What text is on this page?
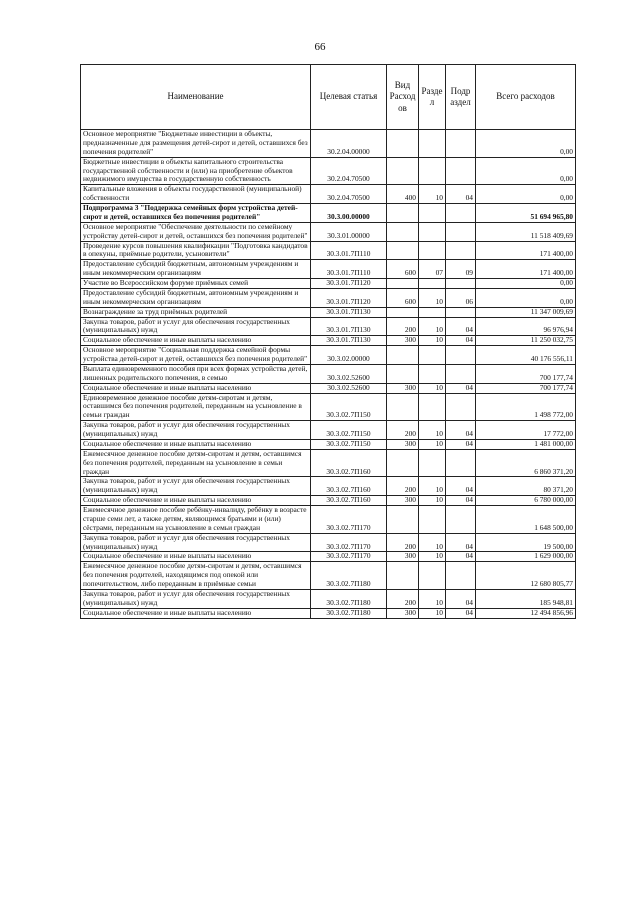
66
Наименование	Целевая статья	Вид Расход ов	Разде л	Подр аздел	Всего расходов
Основное мероприятие "Бюджетные инвестиции в объекты, предназначенные для размещения детей-сирот и детей, оставшихся без попечения родителей"	30.2.04.00000				0,00
Бюджетные инвестиции в объекты капитального строительства государственной собственности и (или) на приобретение объектов недвижимого имущества в государственную собственность	30.2.04.70500				0,00
Капитальные вложения в объекты государственной (муниципальной) собственности	30.2.04.70500	400	10	04	0,00
Подпрограмма 3 "Поддержка семейных форм устройства детей-сирот и детей, оставшихся без попечения родителей"	30.3.00.00000				51 694 965,80
Основное мероприятие "Обеспечение деятельности по семейному устройству детей-сирот и детей, оставшихся без попечения родителей"	30.3.01.00000				11 518 409,69
Проведение курсов повышения квалификации "Подготовка кандидатов в опекуны, приёмные родители, усыновители"	30.3.01.7П110				171 400,00
Предоставление субсидий бюджетным, автономным учреждениям и иным некоммерческим организациям	30.3.01.7П110	600	07	09	171 400,00
Участие во Всероссийском форуме приёмных семей	30.3.01.7П120				0,00
Предоставление субсидий бюджетным, автономным учреждениям и иным некоммерческим организациям	30.3.01.7П120	600	10	06	0,00
Вознаграждение за труд приёмных родителей	30.3.01.7П130				11 347 009,69
Закупка товаров, работ и услуг для обеспечения государственных (муниципальных) нужд	30.3.01.7П130	200	10	04	96 976,94
Социальное обеспечение и иные выплаты населению	30.3.01.7П130	300	10	04	11 250 032,75
Основное мероприятие "Социальная поддержка семейной формы устройства детей-сирот и детей, оставшихся без попечения родителей"	30.3.02.00000				40 176 556,11
Выплата единовременного пособия при всех формах устройства детей, лишенных родительского попечения, в семью	30.3.02.52600				700 177,74
Социальное обеспечение и иные выплаты населению	30.3.02.52600	300	10	04	700 177,74
Единовременное денежное пособие детям-сиротам и детям, оставшимся без попечения родителей, переданным на усыновление в семьи граждан	30.3.02.7П150				1 498 772,00
Закупка товаров, работ и услуг для обеспечения государственных (муниципальных) нужд	30.3.02.7П150	200	10	04	17 772,00
Социальное обеспечение и иные выплаты населению	30.3.02.7П150	300	10	04	1 481 000,00
Ежемесячное денежное пособие детям-сиротам и детям, оставшимся без попечения родителей, переданным на усыновление в семьи граждан	30.3.02.7П160				6 860 371,20
Закупка товаров, работ и услуг для обеспечения государственных (муниципальных) нужд	30.3.02.7П160	200	10	04	80 371,20
Социальное обеспечение и иные выплаты населению	30.3.02.7П160	300	10	04	6 780 000,00
Ежемесячное денежное пособие ребёнку-инвалиду, ребёнку в возрасте старше семи лет, а также детям, являющимся братьями и (или) сёстрами, переданным на усыновление в семьи граждан	30.3.02.7П170				1 648 500,00
Закупка товаров, работ и услуг для обеспечения государственных (муниципальных) нужд	30.3.02.7П170	200	10	04	19 500,00
Социальное обеспечение и иные выплаты населению	30.3.02.7П170	300	10	04	1 629 000,00
Ежемесячное денежное пособие детям-сиротам и детям, оставшимся без попечения родителей, находящимся под опекой или попечительством, либо переданным в приёмные семьи	30.3.02.7П180				12 680 805,77
Закупка товаров, работ и услуг для обеспечения государственных (муниципальных) нужд	30.3.02.7П180	200	10	04	185 948,81
Социальное обеспечение и иные выплаты населению	30.3.02.7П180	300	10	04	12 494 856,96
